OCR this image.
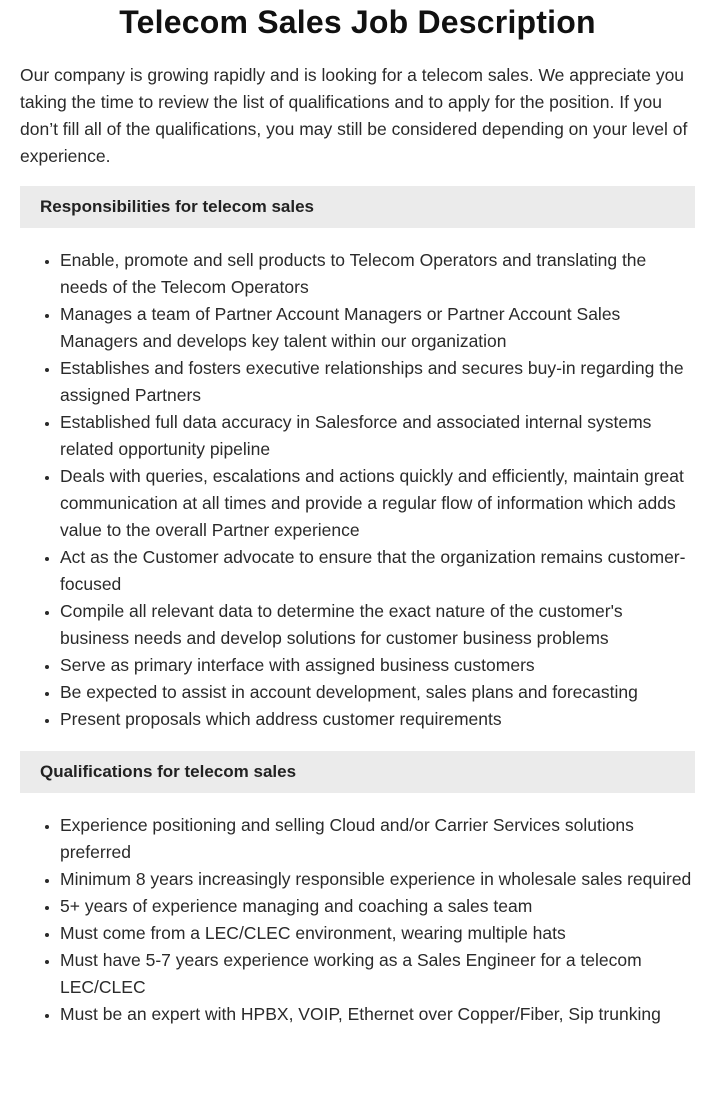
Telecom Sales Job Description

Our company is growing rapidly and is looking for a telecom sales. We appreciate you taking the time to review the list of qualifications and to apply for the position. If you don’t fill all of the qualifications, you may still be considered depending on your level of experience.

Responsibilities for telecom sales
• Enable, promote and sell products to Telecom Operators and translating the needs of the Telecom Operators
• Manages a team of Partner Account Managers or Partner Account Sales Managers and develops key talent within our organization
• Establishes and fosters executive relationships and secures buy-in regarding the assigned Partners
• Established full data accuracy in Salesforce and associated internal systems related opportunity pipeline
• Deals with queries, escalations and actions quickly and efficiently, maintain great communication at all times and provide a regular flow of information which adds value to the overall Partner experience
• Act as the Customer advocate to ensure that the organization remains customer-focused
• Compile all relevant data to determine the exact nature of the customer's business needs and develop solutions for customer business problems
• Serve as primary interface with assigned business customers
• Be expected to assist in account development, sales plans and forecasting
• Present proposals which address customer requirements
Qualifications for telecom sales
• Experience positioning and selling Cloud and/or Carrier Services solutions preferred
• Minimum 8 years increasingly responsible experience in wholesale sales required
• 5+ years of experience managing and coaching a sales team
• Must come from a LEC/CLEC environment, wearing multiple hats
• Must have 5-7 years experience working as a Sales Engineer for a telecom LEC/CLEC
• Must be an expert with HPBX, VOIP, Ethernet over Copper/Fiber, Sip trunking
